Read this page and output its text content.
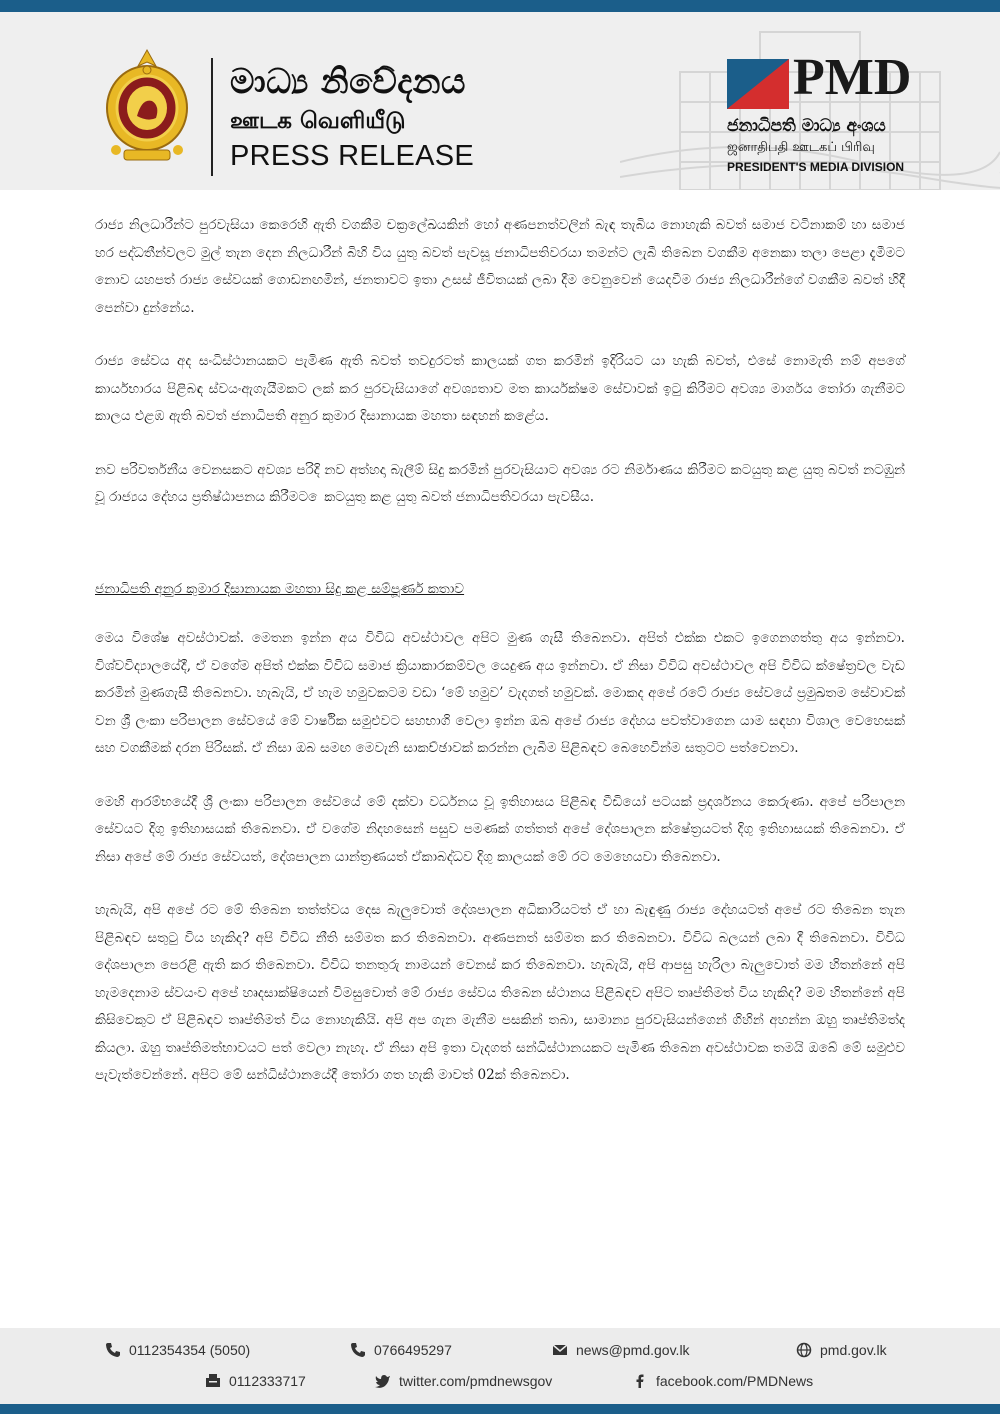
මාධ්‍ය නිවේදනය
ஊடக வெளியீடு
PRESS RELEASE
PMD
ජනාධිපති මාධ්‍ය අංශය
ஜனாதிபதி ஊடகப் பிரிவு
PRESIDENT'S MEDIA DIVISION

රාජ්‍ය නිලධාරීන්ට පුරවැසියා කෙරෙහි ඇති වගකීම චක්‍රලේඛයකින් හෝ අණපනත්වලින් බැඳ තැබිය නොහැකි බවත් සමාජ වටිනාකම් හා සමාජ හර පද්ධතීන්වලට මුල් තැන දෙන නිලධාරීන් බිහි විය යුතු බවත් පැවසූ ජනාධිපතිවරයා තමන්ට ලැබී තිබෙන වගකීම අනෙකා තලා පෙළා දැමීමට නොව යහපත් රාජ්‍ය සේවයක් ගොඩනඟමින්, ජනතාවට ඉතා උසස් ජීවිතයක් ලබා දීම වෙනුවෙන් යෙදවීම රාජ්‍ය නිලධාරීන්ගේ වගකීම බවත් හිදී පෙන්වා දුන්නේය.

රාජ්‍ය සේවය අද සංධිස්ථානයකට පැමිණ ඇති බවත් තවදුරටත් කාලයක් ගත කරමින් ඉදිරියට යා හැකි බවත්, එසේ නොමැති නම් අපගේ කාර්යභාරය පිළිබඳ ස්වයංඇගැයීමකට ලක් කර පුරවැසියාගේ අවශ්‍යතාව මත කාර්යක්ෂම සේවාවක් ඉටු කිරීමට අවශ්‍ය මාර්ගය තෝරා ගැනීමට කාලය එළඹ ඇති බවත් ජනාධිපති අනුර කුමාර දිසානායක මහතා සඳහන් කළේය.

නව පරිවර්තනීය වෙනසකට අවශ්‍ය පරිදි නව අත්හදා බැලීම් සිදු කරමින් පුරවැසියාට අවශ්‍ය රට නිර්මාණය කිරීමට කටයුතු කළ යුතු බවත් නටඹුන් වූ රාජ්‍යය දේහය ප්‍රතිෂ්ඨාපනය කිරීමට ෙකටයුතු කළ යුතු බවත් ජනාධිපතිවරයා පැවසීය.

ජනාධිපති අනුර කුමාර දිසානායක මහතා සිදු කළ සම්පූර්ණ කතාව

මෙය විශේෂ අවස්ථාවක්. මෙතන ඉන්න අය විවිධ අවස්ථාවල අපිට මුණ ගැසී තිබෙනවා. අපිත් එක්ක එකට ඉගෙනගත්තු අය ඉන්නවා. විශ්වවිද්‍යාලයේදී, ඒ වගේම අපිත් එක්ක විවිධ සමාජ ක්‍රියාකාරකම්වල යෙදුණ අය ඉන්නවා. ඒ නිසා විවිධ අවස්ථාවල අපි විවිධ ක්ෂේත්‍රවල වැඩ කරමින් මුණගැසී තිබෙනවා. හැබැයි, ඒ හැම හමුවකටම වඩා ‘මේ හමුව’ වැදගත් හමුවක්. මොකද අපේ රටේ රාජ්‍ය සේවයේ ප්‍රමුඛතම සේවාවක් වන ශ්‍රී ලංකා පරිපාලන සේවයේ මේ වාර්ෂික සමුළුවට සහභාගි වෙලා ඉන්න ඔබ අපේ රාජ්‍ය දේහය පවත්වාගෙන යාම සඳහා විශාල වෙහෙසක් සහ වගකීමක් දරන පිරිසක්. ඒ නිසා ඔබ සමඟ මෙවැනි සාකච්ඡාවක් කරන්න ලැබීම පිළිබඳව බෙහෙවින්ම සතුටට පත්වෙනවා.

මෙහි ආරම්භයේදී ශ්‍රී ලංකා පරිපාලන සේවයේ මේ දක්වා වර්ධනය වූ ඉතිහාසය පිළිබඳ වීඩියෝ පටයක් ප්‍රදර්ශනය කෙරුණා. අපේ පරිපාලන සේවයට දිගු ඉතිහාසයක් තිබෙනවා. ඒ වගේම නිදහසෙන් පසුව පමණක් ගත්තත් අපේ දේශපාලන ක්ෂේත්‍රයටත් දිගු ඉතිහාසයක් තිබෙනවා. ඒ නිසා අපේ මේ රාජ්‍ය සේවයත්, දේශපාලන යාන්ත්‍රණයත් ඒකාබද්ධව දිගු කාලයක් මේ රට මෙහෙයවා තිබෙනවා.

හැබැයි, අපි අපේ රට මේ තිබෙන තත්ත්වය දෙස බැලුවොත් දේශපාලන අධිකාරියටත් ඒ හා බැඳුණු රාජ්‍ය දේහයටත් අපේ රට තිබෙන තැන පිළිබඳව සතුටු විය හැකිද? අපි විවිධ නීති සම්මත කර තිබෙනවා. අණපනත් සම්මත කර තිබෙනවා. විවිධ බලයන් ලබා දී තිබෙනවා. විවිධ දේශපාලන පෙරළි ඇති කර තිබෙනවා. විවිධ තනතුරු නාමයන් වෙනස් කර තිබෙනවා. හැබැයි, අපි ආපසු හැරිලා බැලුවොත් මම හිතන්නේ අපි හැමදෙනාම ස්වයංව අපේ හෘදසාක්ෂියෙන් විමසුවොත් මේ රාජ්‍ය සේවය තිබෙන ස්ථානය පිළිබඳව අපිට තෘප්තිමත් විය හැකිද? මම හිතන්නේ අපි කිසිවෙකුට ඒ පිළිබඳව තෘප්තිමත් විය නොහැකියි. අපි අප ගැන මැනීම පසකින් තබා, සාමාන්‍ය පුරවැසියන්ගෙන් ගිහින් අහන්න ඔහු තෘප්තිමත්ද කියලා. ඔහු තෘප්තිමත්භාවයට පත් වෙලා නැහැ. ඒ නිසා අපි ඉතා වැදගත් සන්ධිස්ථානයකට පැමිණ තිබෙන අවස්ථාවක තමයි ඔබේ මේ සමුළුව පැවැත්වෙන්නේ. අපිට මේ සන්ධිස්ථානයේදී තෝරා ගත හැකි මාවත් 02ක් තිබෙනවා.

0112354354 (5050)	0766495297	news@pmd.gov.lk	pmd.gov.lk
0112333717	twitter.com/pmdnewsgov	facebook.com/PMDNews
